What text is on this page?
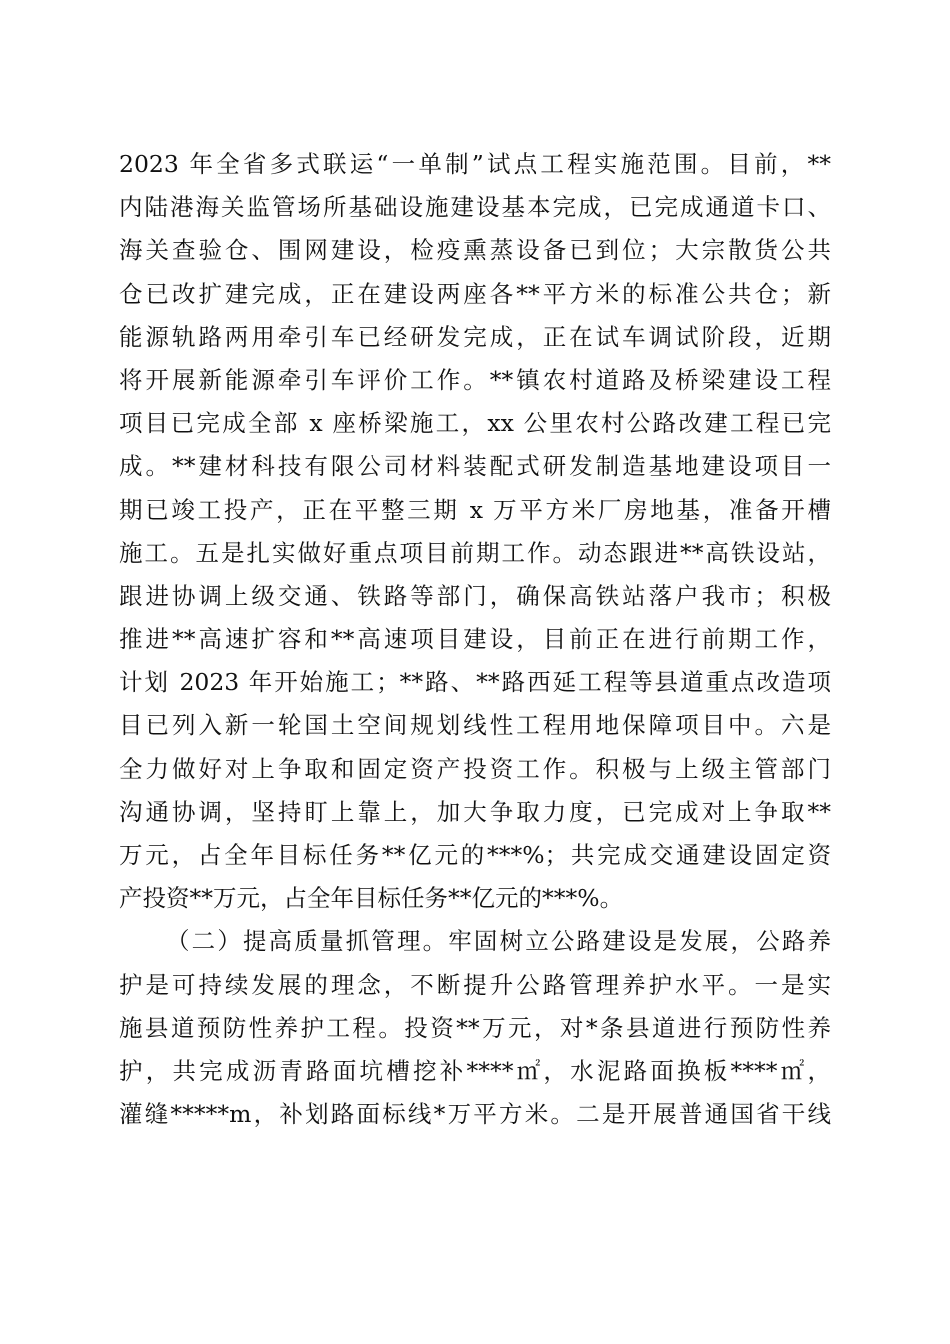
2023 年全省多式联运“一单制”试点工程实施范围。目前，**
内陆港海关监管场所基础设施建设基本完成，已完成通道卡口、
海关查验仓、围网建设，检疫熏蒸设备已到位；大宗散货公共
仓已改扩建完成，正在建设两座各**平方米的标准公共仓；新
能源轨路两用牵引车已经研发完成，正在试车调试阶段，近期
将开展新能源牵引车评价工作。**镇农村道路及桥梁建设工程
项目已完成全部 x 座桥梁施工，xx 公里农村公路改建工程已完
成。**建材科技有限公司材料装配式研发制造基地建设项目一
期已竣工投产，正在平整三期 x 万平方米厂房地基，准备开槽
施工。五是扎实做好重点项目前期工作。动态跟进**高铁设站，
跟进协调上级交通、铁路等部门，确保高铁站落户我市；积极
推进**高速扩容和**高速项目建设，目前正在进行前期工作，
计划 2023 年开始施工；**路、**路西延工程等县道重点改造项
目已列入新一轮国土空间规划线性工程用地保障项目中。六是
全力做好对上争取和固定资产投资工作。积极与上级主管部门
沟通协调，坚持盯上靠上，加大争取力度，已完成对上争取**
万元，占全年目标任务**亿元的***%；共完成交通建设固定资
产投资**万元，占全年目标任务**亿元的***%。
（二）提高质量抓管理。牢固树立公路建设是发展，公路养
护是可持续发展的理念，不断提升公路管理养护水平。一是实
施县道预防性养护工程。投资**万元，对*条县道进行预防性养
护，共完成沥青路面坑槽挖补****㎡，水泥路面换板****㎡，
灌缝*****m，补划路面标线*万平方米。二是开展普通国省干线
